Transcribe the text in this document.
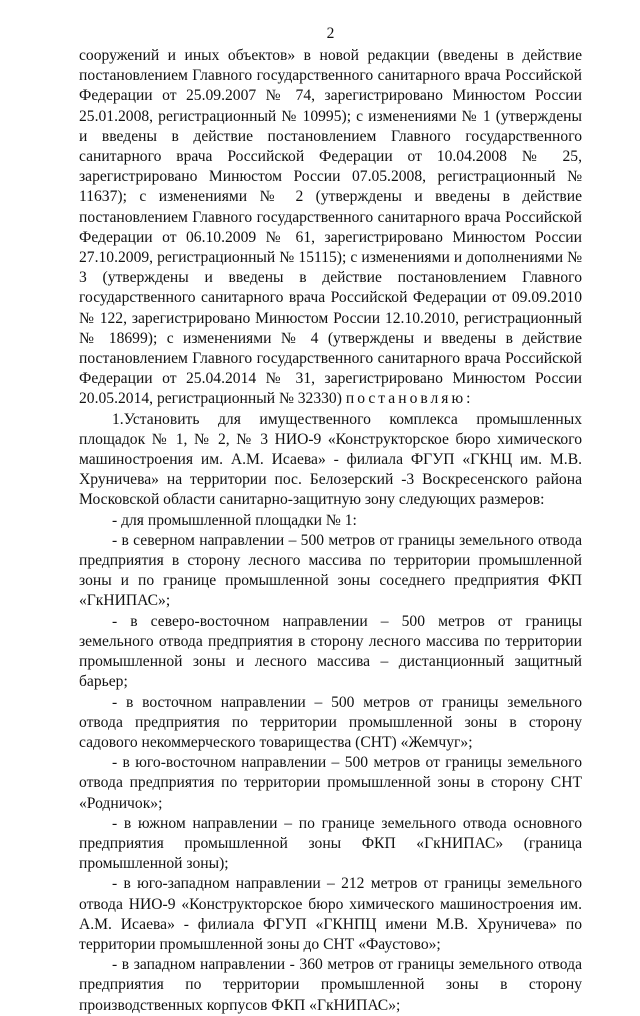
2

сооружений и иных объектов» в новой редакции (введены в действие постановлением Главного государственного санитарного врача Российской Федерации от 25.09.2007 № 74, зарегистрировано Минюстом России 25.01.2008, регистрационный № 10995); с изменениями № 1 (утверждены и введены в действие постановлением Главного государственного санитарного врача Российской Федерации от 10.04.2008 № 25, зарегистрировано Минюстом России 07.05.2008, регистрационный № 11637); с изменениями № 2 (утверждены и введены в действие постановлением Главного государственного санитарного врача Российской Федерации от 06.10.2009 № 61, зарегистрировано Минюстом России 27.10.2009, регистрационный № 15115); с изменениями и дополнениями № 3 (утверждены и введены в действие постановлением Главного государственного санитарного врача Российской Федерации от 09.09.2010 № 122, зарегистрировано Минюстом России 12.10.2010, регистрационный № 18699); с изменениями № 4 (утверждены и введены в действие постановлением Главного государственного санитарного врача Российской Федерации от 25.04.2014 № 31, зарегистрировано Минюстом России 20.05.2014, регистрационный № 32330) постановляю:

1.Установить для имущественного комплекса промышленных площадок № 1, № 2, № 3 НИО-9 «Конструкторское бюро химического машиностроения им. А.М. Исаева» - филиала ФГУП «ГКНЦ им. М.В. Хруничева» на территории пос. Белозерский -3 Воскресенского района Московской области санитарно-защитную зону следующих размеров:

- для промышленной площадки № 1:

- в северном направлении – 500 метров от границы земельного отвода предприятия в сторону лесного массива по территории промышленной зоны и по границе промышленной зоны соседнего предприятия ФКП «ГкНИПАС»;

- в северо-восточном направлении – 500 метров от границы земельного отвода предприятия в сторону лесного массива по территории промышленной зоны и лесного массива – дистанционный защитный барьер;

- в восточном направлении – 500 метров от границы земельного отвода предприятия по территории промышленной зоны в сторону садового некоммерческого товарищества (СНТ) «Жемчуг»;

- в юго-восточном направлении – 500 метров от границы земельного отвода предприятия по территории промышленной зоны в сторону СНТ «Родничок»;

- в южном направлении – по границе земельного отвода основного предприятия промышленной зоны ФКП «ГкНИПАС» (граница промышленной зоны);

- в юго-западном направлении – 212 метров от границы земельного отвода НИО-9 «Конструкторское бюро химического машиностроения им. А.М. Исаева» - филиала ФГУП «ГКНПЦ имени М.В. Хруничева» по территории промышленной зоны до СНТ «Фаустово»;

- в западном направлении - 360 метров от границы земельного отвода предприятия по территории промышленной зоны в сторону производственных корпусов ФКП «ГкНИПАС»;
